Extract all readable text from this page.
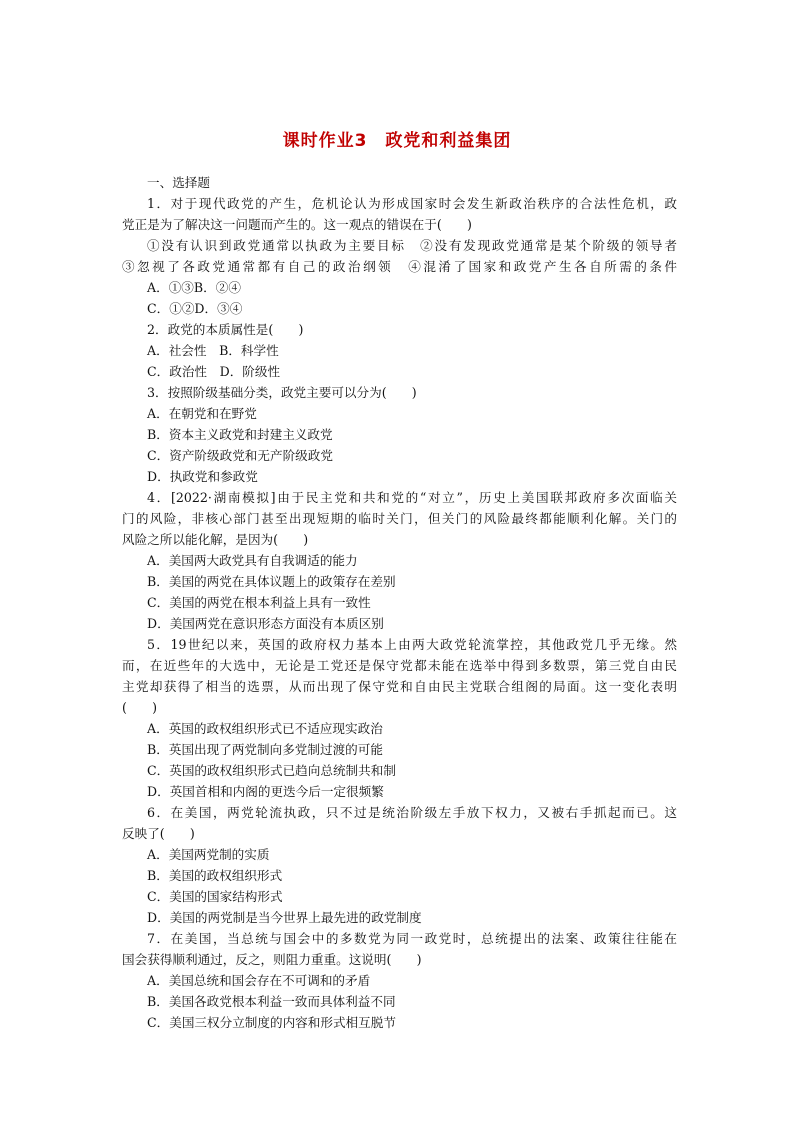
课时作业3　政党和利益集团
一、选择题
1．对于现代政党的产生，危机论认为形成国家时会发生新政治秩序的合法性危机，政
党正是为了解决这一问题而产生的。这一观点的错误在于(　　)
①没有认识到政党通常以执政为主要目标　②没有发现政党通常是某个阶级的领导者
③忽视了各政党通常都有自己的政治纲领　④混淆了国家和政党产生各自所需的条件
A．①③B．②④
C．①②D．③④
2．政党的本质属性是(　　)
A．社会性　B．科学性
C．政治性　D．阶级性
3．按照阶级基础分类，政党主要可以分为(　　)
A．在朝党和在野党
B．资本主义政党和封建主义政党
C．资产阶级政党和无产阶级政党
D．执政党和参政党
4．[2022·湖南模拟]由于民主党和共和党的“对立”，历史上美国联邦政府多次面临关
门的风险，非核心部门甚至出现短期的临时关门，但关门的风险最终都能顺利化解。关门的
风险之所以能化解，是因为(　　)
A．美国两大政党具有自我调适的能力
B．美国的两党在具体议题上的政策存在差别
C．美国的两党在根本利益上具有一致性
D．美国两党在意识形态方面没有本质区别
5．19世纪以来，英国的政府权力基本上由两大政党轮流掌控，其他政党几乎无缘。然
而，在近些年的大选中，无论是工党还是保守党都未能在选举中得到多数票，第三党自由民
主党却获得了相当的选票，从而出现了保守党和自由民主党联合组阁的局面。这一变化表明
(　　)
A．英国的政权组织形式已不适应现实政治
B．英国出现了两党制向多党制过渡的可能
C．英国的政权组织形式已趋向总统制共和制
D．英国首相和内阁的更迭今后一定很频繁
6．在美国，两党轮流执政，只不过是统治阶级左手放下权力，又被右手抓起而已。这
反映了(　　)
A．美国两党制的实质
B．美国的政权组织形式
C．美国的国家结构形式
D．美国的两党制是当今世界上最先进的政党制度
7．在美国，当总统与国会中的多数党为同一政党时，总统提出的法案、政策往往能在
国会获得顺利通过，反之，则阻力重重。这说明(　　)
A．美国总统和国会存在不可调和的矛盾
B．美国各政党根本利益一致而具体利益不同
C．美国三权分立制度的内容和形式相互脱节
